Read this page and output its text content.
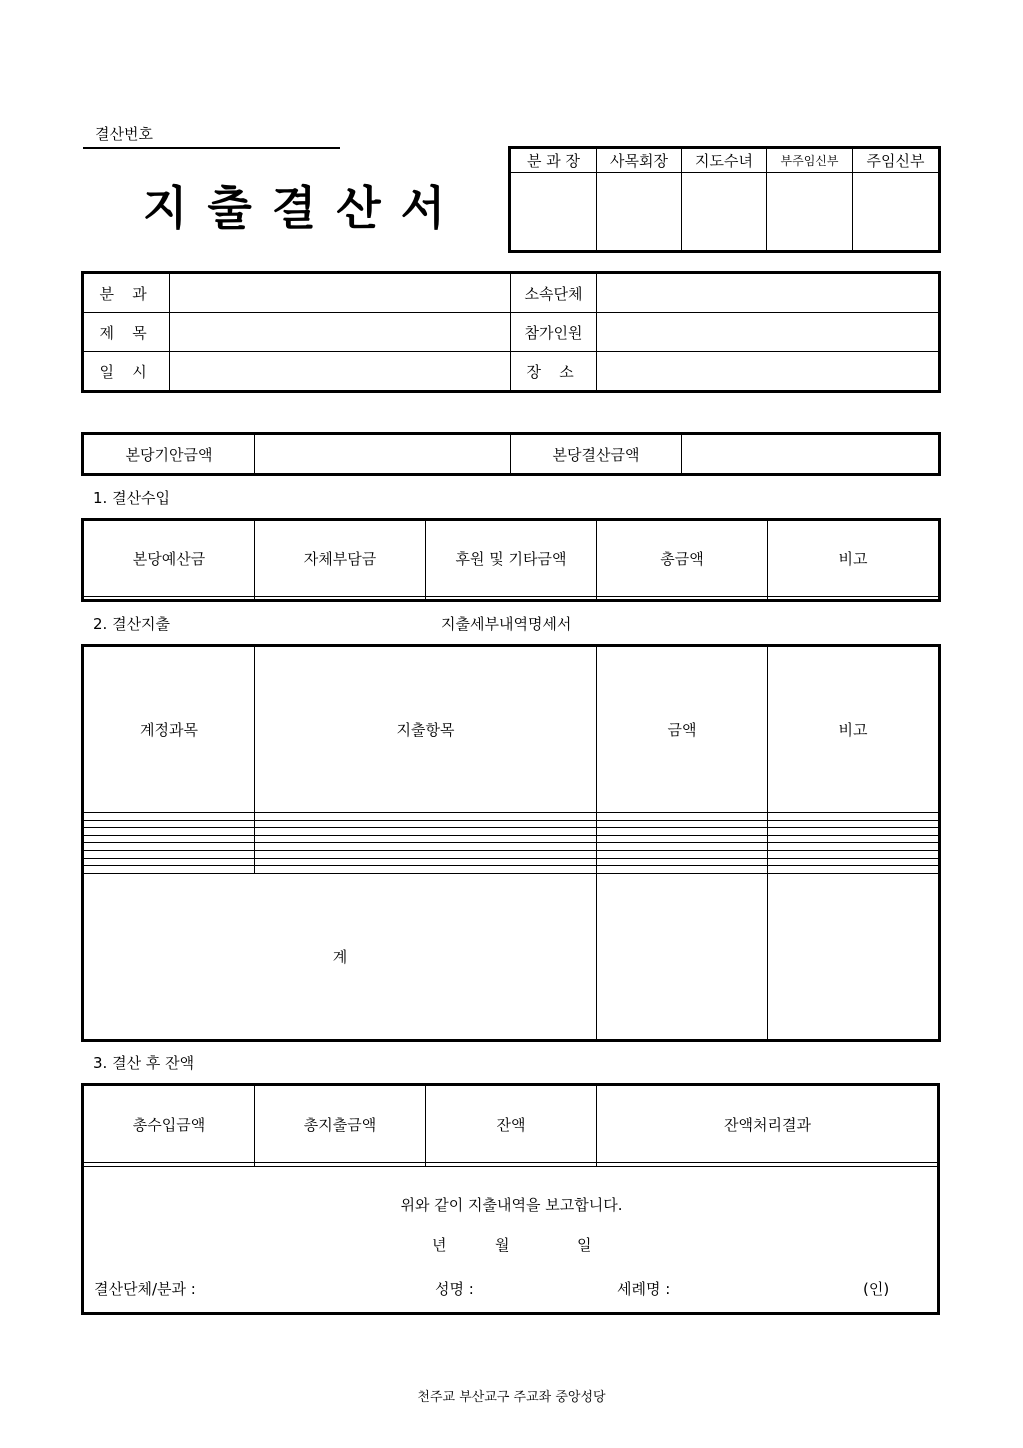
결산번호
지 출 결 산 서
분 과 장	사목회장	지도수녀	부주임신부	주임신부

분 과		소속단체	
제 목		참가인원	
일 시		장 소	
본당기안금액		본당결산금액	
1. 결산수입
본당예산금	자체부담금	후원 및 기타금액	총금액	비고

2. 결산지출	지출세부내역명세서
계정과목	지출항목	금액	비고

계			
3. 결산 후 잔액
총수입금액	총지출금액	잔액	잔액처리결과

위와 같이 지출내역을 보고합니다.
년	월	일
결산단체/분과 :	성명 :	세례명 :	(인)
천주교 부산교구 주교좌 중앙성당
